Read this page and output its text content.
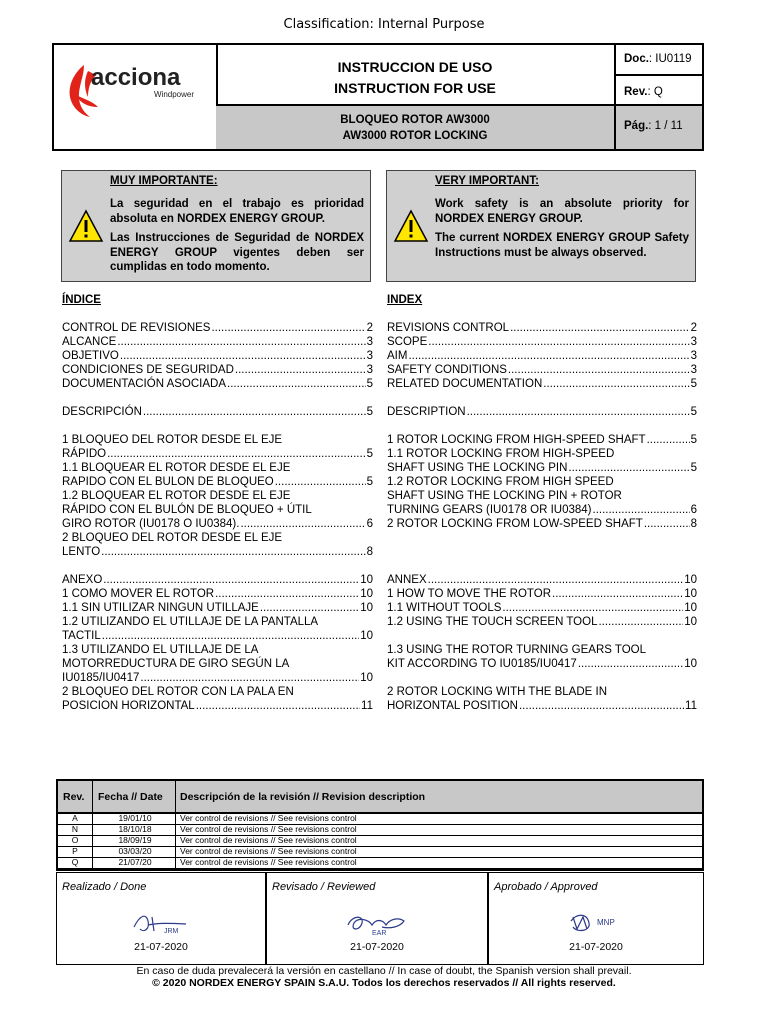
Classification: Internal Purpose
acciona
Windpower
INSTRUCCION DE USO
INSTRUCTION FOR USE
BLOQUEO ROTOR AW3000
AW3000 ROTOR LOCKING
Doc.: IU0119
Rev.: Q
Pág.: 1 / 11
MUY IMPORTANTE:
La seguridad en el trabajo es prioridad absoluta en NORDEX ENERGY GROUP.
Las Instrucciones de Seguridad de NORDEX ENERGY GROUP vigentes deben ser cumplidas en todo momento.
VERY IMPORTANT:
Work safety is an absolute priority for NORDEX ENERGY GROUP.
The current NORDEX ENERGY GROUP Safety Instructions must be always observed.
ÍNDICE	INDEX
CONTROL DE REVISIONES .....	2
ALCANCE .....	3
OBJETIVO .....	3
CONDICIONES DE SEGURIDAD .....	3
DOCUMENTACIÓN ASOCIADA .....	5
DESCRIPCIÓN .....	5
1 BLOQUEO DEL ROTOR DESDE EL EJE
RÁPIDO .....	5
1.1 BLOQUEAR EL ROTOR DESDE EL EJE
RAPIDO CON EL BULON DE BLOQUEO .....	5
1.2 BLOQUEAR EL ROTOR DESDE EL EJE
RÁPIDO CON EL BULÓN DE BLOQUEO + ÚTIL
GIRO ROTOR (IU0178 O IU0384). .....	6
2 BLOQUEO DEL ROTOR DESDE EL EJE
LENTO .....	8
ANEXO .....	10
1 COMO MOVER EL ROTOR .....	10
1.1 SIN UTILIZAR NINGUN UTILLAJE .....	10
1.2 UTILIZANDO EL UTILLAJE DE LA PANTALLA
TACTIL .....	10
1.3 UTILIZANDO EL UTILLAJE DE LA
MOTORREDUCTURA DE GIRO SEGÚN LA
IU0185/IU0417 .....	10
2 BLOQUEO DEL ROTOR CON LA PALA EN
POSICION HORIZONTAL .....	11
REVISIONS CONTROL .....	2
SCOPE .....	3
AIM .....	3
SAFETY CONDITIONS .....	3
RELATED DOCUMENTATION .....	5
DESCRIPTION .....	5
1 ROTOR LOCKING FROM HIGH-SPEED SHAFT .....	5
1.1 ROTOR LOCKING FROM HIGH-SPEED
SHAFT USING THE LOCKING PIN .....	5
1.2 ROTOR LOCKING FROM HIGH SPEED
SHAFT USING THE LOCKING PIN + ROTOR
TURNING GEARS (IU0178 OR IU0384) .....	6
2 ROTOR LOCKING FROM LOW-SPEED SHAFT .....	8
ANNEX .....	10
1 HOW TO MOVE THE ROTOR .....	10
1.1 WITHOUT TOOLS .....	10
1.2 USING THE TOUCH SCREEN TOOL .....	10
1.3 USING THE ROTOR TURNING GEARS TOOL
KIT ACCORDING TO IU0185/IU0417 .....	10
2 ROTOR LOCKING WITH THE BLADE IN
HORIZONTAL POSITION .....	11
Rev. Fecha // Date Descripción de la revisión // Revision description
A	19/01/10	Ver control de revisions // See revisions control
N	18/10/18	Ver control de revisions // See revisions control
O	18/09/19	Ver control de revisions // See revisions control
P	03/03/20	Ver control de revisions // See revisions control
Q	21/07/20	Ver control de revisions // See revisions control
Realizado / Done
JRM
21-07-2020
Revisado / Reviewed
EAR
21-07-2020
Aprobado / Approved
MNP
21-07-2020
En caso de duda prevalecerá la versión en castellano // In case of doubt, the Spanish version shall prevail.
© 2020 NORDEX ENERGY SPAIN S.A.U. Todos los derechos reservados // All rights reserved.
